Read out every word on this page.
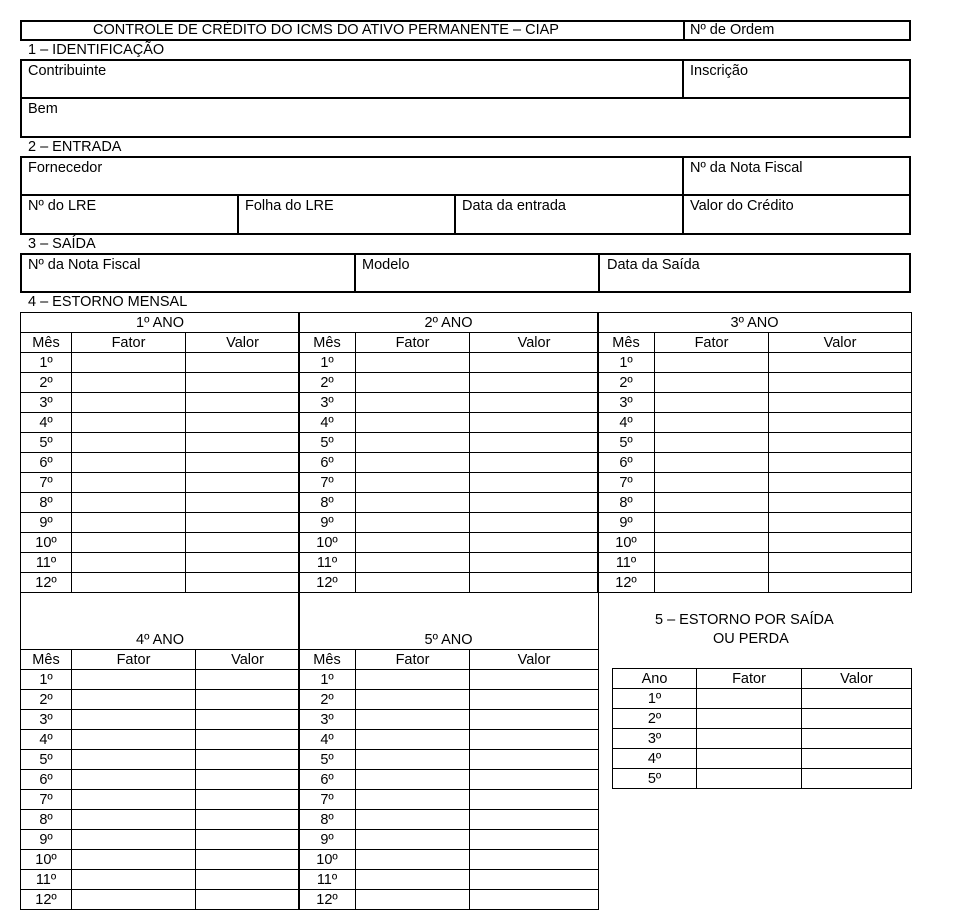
CONTROLE DE CRÉDITO DO ICMS DO ATIVO PERMANENTE – CIAP	Nº de Ordem
1 – IDENTIFICAÇÃO
Contribuinte	Inscrição
Bem
2 – ENTRADA
Fornecedor	Nº da Nota Fiscal
Nº do LRE	Folha do LRE	Data da entrada	Valor do Crédito
3 – SAÍDA
Nº da Nota Fiscal	Modelo	Data da Saída
4 – ESTORNO MENSAL
1º ANO		
Mês	Fator	Valor
1º		
2º		
3º		
4º		
5º		
6º		
7º		
8º		
9º		
10º		
11º		
12º		
2º ANO		
Mês	Fator	Valor
1º		
2º		
3º		
4º		
5º		
6º		
7º		
8º		
9º		
10º		
11º		
12º		
3º ANO		
Mês	Fator	Valor
1º		
2º		
3º		
4º		
5º		
6º		
7º		
8º		
9º		
10º		
11º		
12º		
4º ANO		
Mês	Fator	Valor
1º		
2º		
3º		
4º		
5º		
6º		
7º		
8º		
9º		
10º		
11º		
12º		
5º ANO		
Mês	Fator	Valor
1º		
2º		
3º		
4º		
5º		
6º		
7º		
8º		
9º		
10º		
11º		
12º		
5 – ESTORNO POR SAÍDA
OU PERDA
Ano	Fator	Valor
1º		
2º		
3º		
4º		
5º		
